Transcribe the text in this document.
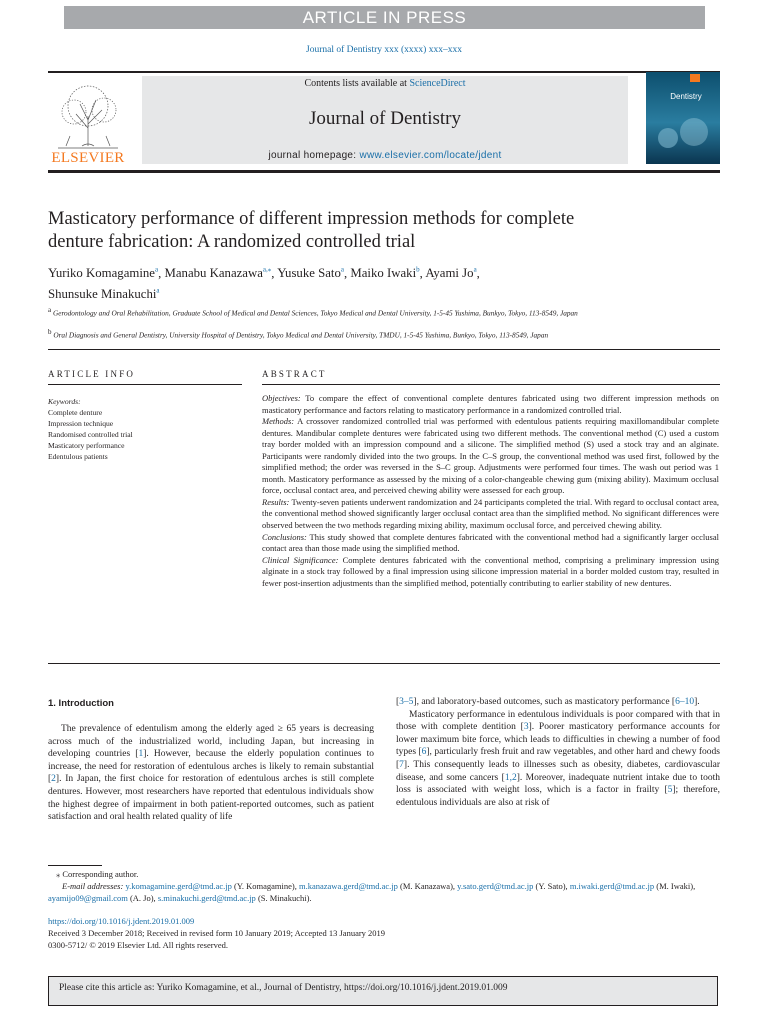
ARTICLE IN PRESS
Journal of Dentistry xxx (xxxx) xxx–xxx
ELSEVIER
Contents lists available at ScienceDirect
Journal of Dentistry
journal homepage: www.elsevier.com/locate/jdent
Dentistry
Masticatory performance of different impression methods for complete
denture fabrication: A randomized controlled trial
Yuriko Komagamine$^a$, Manabu Kanazawa$^{a,⁎}$, Yusuke Sato$^a$, Maiko Iwaki$^b$, Ayami Jo$^a$,
Shunsuke Minakuchi$^a$
$^a$ Gerodontology and Oral Rehabilitation, Graduate School of Medical and Dental Sciences, Tokyo Medical and Dental University, 1-5-45 Yushima, Bunkyo, Tokyo, 113-8549, Japan
$^b$ Oral Diagnosis and General Dentistry, University Hospital of Dentistry, Tokyo Medical and Dental University, TMDU, 1-5-45 Yushima, Bunkyo, Tokyo, 113-8549, Japan
ARTICLE INFO	ABSTRACT
Keywords:
Complete denture
Impression technique
Randomised controlled trial
Masticatory performance
Edentulous patients
Objectives: To compare the effect of conventional complete dentures fabricated using two different impression methods on masticatory performance and factors relating to masticatory performance in a randomized controlled trial.
Methods: A crossover randomized controlled trial was performed with edentulous patients requiring maxillomandibular complete dentures. Mandibular complete dentures were fabricated using two different methods. The conventional method (C) used a custom tray border molded with an impression compound and a silicone. The simplified method (S) used a stock tray and an alginate. Participants were randomly divided into the two groups. In the C–S group, the conventional method was used first, followed by the simplified method; the order was reversed in the S–C group. Adjustments were performed four times. The wash out period was 1 month. Masticatory performance as assessed by the mixing of a color-changeable chewing gum (mixing ability). Maximum occlusal force, occlusal contact area, and perceived chewing ability were assessed for each group.
Results: Twenty-seven patients underwent randomization and 24 participants completed the trial. With regard to occlusal contact area, the conventional method showed significantly larger occlusal contact area than the simplified method. No significant differences were observed between the two methods regarding mixing ability, maximum occlusal force, and perceived chewing ability.
Conclusions: This study showed that complete dentures fabricated with the conventional method had a significantly larger occlusal contact area than those made using the simplified method.
Clinical Significance: Complete dentures fabricated with the conventional method, comprising a preliminary impression using alginate in a stock tray followed by a final impression using silicone impression material in a border molded custom tray, resulted in fewer post-insertion adjustments than the simplified method, potentially contributing to earlier stability of new dentures.
1. Introduction

The prevalence of edentulism among the elderly aged ≥ 65 years is decreasing across much of the industrialized world, including Japan, but increasing in developing countries [1]. However, because the elderly population continues to increase, the need for restoration of edentulous arches is likely to remain substantial [2]. In Japan, the first choice for restoration of edentulous arches is still complete dentures. However, most researchers have reported that edentulous individuals show the highest degree of impairment in both patient-reported outcomes, such as patient satisfaction and oral health related quality of life

[3–5], and laboratory-based outcomes, such as masticatory performance [6–10].

Masticatory performance in edentulous individuals is poor compared with that in those with complete dentition [3]. Poorer masticatory performance accounts for lower maximum bite force, which leads to difficulties in chewing a number of food types [6], particularly fresh fruit and raw vegetables, and other hard and chewy foods [7]. This consequently leads to illnesses such as obesity, diabetes, cardiovascular disease, and some cancers [1,2]. Moreover, inadequate nutrient intake due to tooth loss is associated with weight loss, which is a factor in frailty [5]; therefore, edentulous individuals are also at risk of

⁎ Corresponding author.
E-mail addresses: y.komagamine.gerd@tmd.ac.jp (Y. Komagamine), m.kanazawa.gerd@tmd.ac.jp (M. Kanazawa), y.sato.gerd@tmd.ac.jp (Y. Sato), m.iwaki.gerd@tmd.ac.jp (M. Iwaki), ayamijo09@gmail.com (A. Jo), s.minakuchi.gerd@tmd.ac.jp (S. Minakuchi).
https://doi.org/10.1016/j.jdent.2019.01.009
Received 3 December 2018; Received in revised form 10 January 2019; Accepted 13 January 2019
0300-5712/ © 2019 Elsevier Ltd. All rights reserved.
Please cite this article as: Yuriko Komagamine, et al., Journal of Dentistry, https://doi.org/10.1016/j.jdent.2019.01.009
